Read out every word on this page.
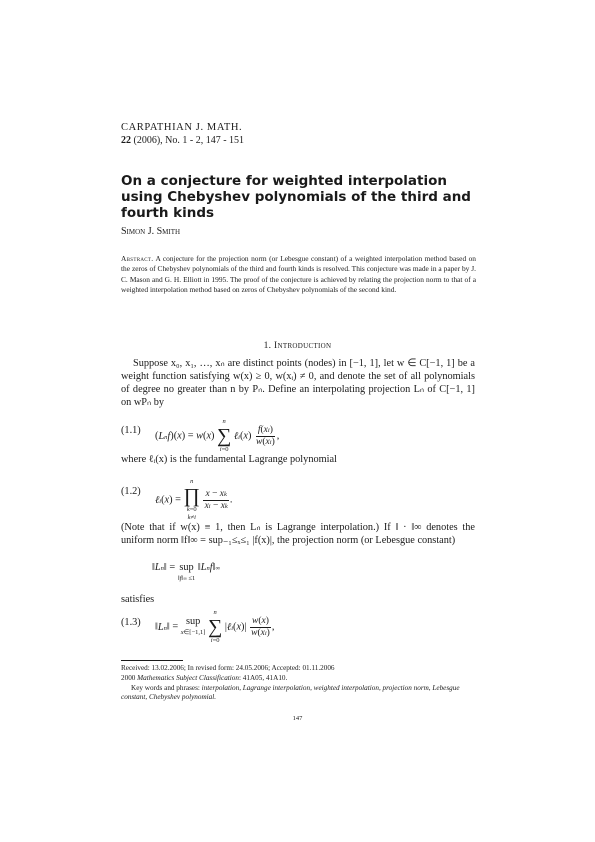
CARPATHIAN J. MATH.
22 (2006), No. 1 - 2, 147 - 151
On a conjecture for weighted interpolation using Chebyshev polynomials of the third and fourth kinds
Simon J. Smith
Abstract. A conjecture for the projection norm (or Lebesgue constant) of a weighted interpolation method based on the zeros of Chebyshev polynomials of the third and fourth kinds is resolved. This conjecture was made in a paper by J. C. Mason and G. H. Elliott in 1995. The proof of the conjecture is achieved by relating the projection norm to that of a weighted interpolation method based on zeros of Chebyshev polynomials of the second kind.
1. Introduction
Suppose x₀, x₁, …, xₙ are distinct points (nodes) in [−1, 1], let w ∈ C[−1, 1] be a weight function satisfying w(x) ≥ 0, w(xᵢ) ≠ 0, and denote the set of all polynomials of degree no greater than n by Pₙ. Define an interpolating projection Lₙ of C[−1, 1] on wPₙ by
(1.1) (Lnf)(x) = w(x)
n
∑
i=0
ℓi(x) $\frac{f(xi)}{w(xi)}$ ,
where ℓᵢ(x) is the fundamental Lagrange polynomial
(1.2)
ℓi(x) =
n
∏
k=0
k≠i

$\frac{x - xk}{xi - xk}$ .
(Note that if w(x) ≡ 1, then Lₙ is Lagrange interpolation.) If ‖ · ‖∞ denotes the uniform norm ‖f‖∞ = sup₋₁≤ₓ≤₁ |f(x)|, the projection norm (or Lebesgue constant)
‖Ln‖ = sup
‖f‖∞ ≤1
‖Lnf‖∞
satisfies
(1.3) ‖Ln‖ = sup
x∈[−1,1]

n
∑
i=0
|ℓi(x)| $\frac{w(x)}{w(xi)}$ ,
Received: 13.02.2006; In revised form: 24.05.2006; Accepted: 01.11.2006
2000 Mathematics Subject Classification: 41A05, 41A10.
Key words and phrases: interpolation, Lagrange interpolation, weighted interpolation, projection norm, Lebesgue constant, Chebyshev polynomial.
147
